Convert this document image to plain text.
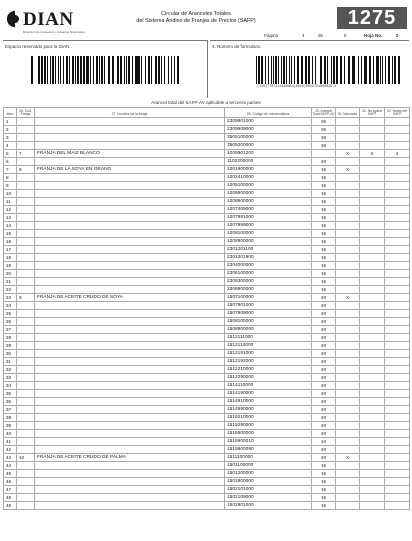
DIAN
Dirección de Impuestos y Aduanas Nacionales
Circular de Aranceles Totales
del Sistema Andino de Franjas de Precios (SAFP)	1275
Página	4	de	6	Hoja No.	2
Espacio reservado para la DIAN	4. Número de formulario
(415)7707212489984(8020)0012751000835 4
Arancel total del SAFP-AV aplicable a terceros países
Item	26. Cód. Franja	27. Nombre de la franja	28. Código de nomenclatura	29. Arancel Total SAFP-AV	30. Marcador	31. No aplica SAFP	32. Notas del SAFP
1			2309901000	25			
2			2309909000	25			
3			3505100000	28			
4			3505200000	28			
5	7	FRANJA DEL MAIZ BLANCO	1005901200		X	X	4
6			1102200000	20			
7	8	FRANJA DE LA SOYA EN GRANO	1201900000	15	X		
8			1202410000	15			
9			1205100000	15			
10			1206900000	15			
11			1208900000	15			
12			1207409000	15			
13			1207991000	15			
14			1207999000	15			
15			1208100000	15			
16			1208900000	15			
17			2301201100	15			
18			2301201900	15			
19			2304000000	15			
20			2306100000	15			
21			2306300000	15			
22			2306900000	15			
23	9	FRANJA DE ACEITE CRUDO DE SOYA	1507100000	20	X		
24			1507901000	20			
25			1507909000	20			
26			1508100000	20			
27			1508900000	20			
28			1512111000	20			
29			1512112000	20			
30			1512191000	20			
31			1512192000	20			
32			1512210000	20			
33			1512290000	20			
34			1514110000	20			
35			1514190000	20			
36			1514910000	20			
37			1514990000	20			
38			1515210000	20			
39			1515290000	20			
40			1515500000	20			
41			1515900010	10			
42			1515900090	20			
43	10	FRANJA DE ACEITE CRUDO DE PALMA	1511100000	20	X		
44			1501100000	15			
45			1501200000	15			
46			1501900000	15			
47			1502101000	15			
48			1502109000	15			
49			1502901000	15			
